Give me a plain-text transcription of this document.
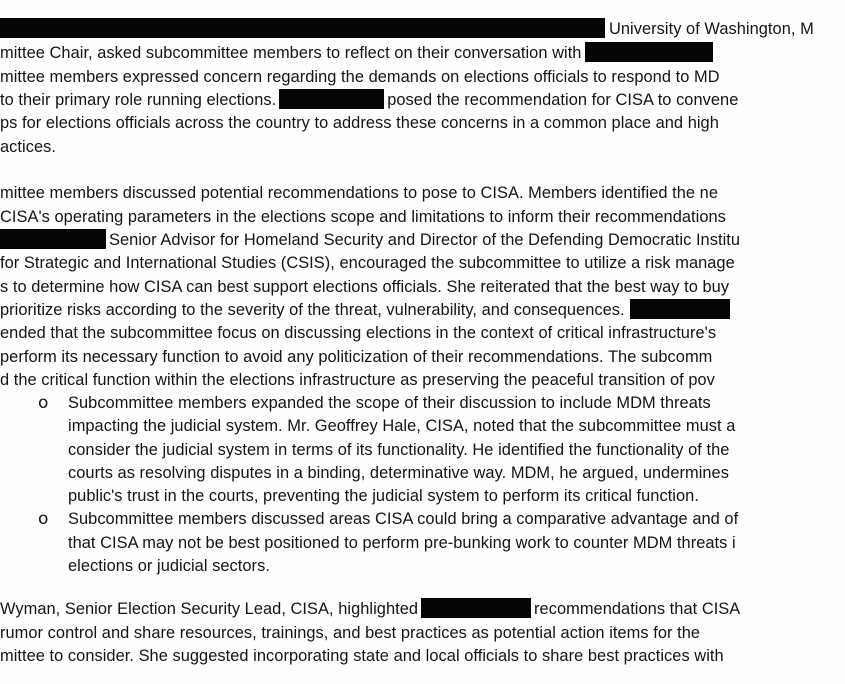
University of Washington, M
mittee Chair, asked subcommittee members to reflect on their conversation with
mittee members expressed concern regarding the demands on elections officials to respond to MD
to their primary role running elections.	posed the recommendation for CISA to convene
ps for elections officials across the country to address these concerns in a common place and high
actices.
mittee members discussed potential recommendations to pose to CISA. Members identified the ne
CISA's operating parameters in the elections scope and limitations to inform their recommendations
Senior Advisor for Homeland Security and Director of the Defending Democratic Institu
for Strategic and International Studies (CSIS), encouraged the subcommittee to utilize a risk manage
s to determine how CISA can best support elections officials. She reiterated that the best way to buy
prioritize risks according to the severity of the threat, vulnerability, and consequences.
ended that the subcommittee focus on discussing elections in the context of critical infrastructure's
perform its necessary function to avoid any politicization of their recommendations. The subcomm
d the critical function within the elections infrastructure as preserving the peaceful transition of pov
o Subcommittee members expanded the scope of their discussion to include MDM threats
impacting the judicial system. Mr. Geoffrey Hale, CISA, noted that the subcommittee must a
consider the judicial system in terms of its functionality. He identified the functionality of the
courts as resolving disputes in a binding, determinative way. MDM, he argued, undermines
public's trust in the courts, preventing the judicial system to perform its critical function.
o Subcommittee members discussed areas CISA could bring a comparative advantage and of
that CISA may not be best positioned to perform pre-bunking work to counter MDM threats i
elections or judicial sectors.
Wyman, Senior Election Security Lead, CISA, highlighted	recommendations that CISA
rumor control and share resources, trainings, and best practices as potential action items for the
mittee to consider. She suggested incorporating state and local officials to share best practices with
